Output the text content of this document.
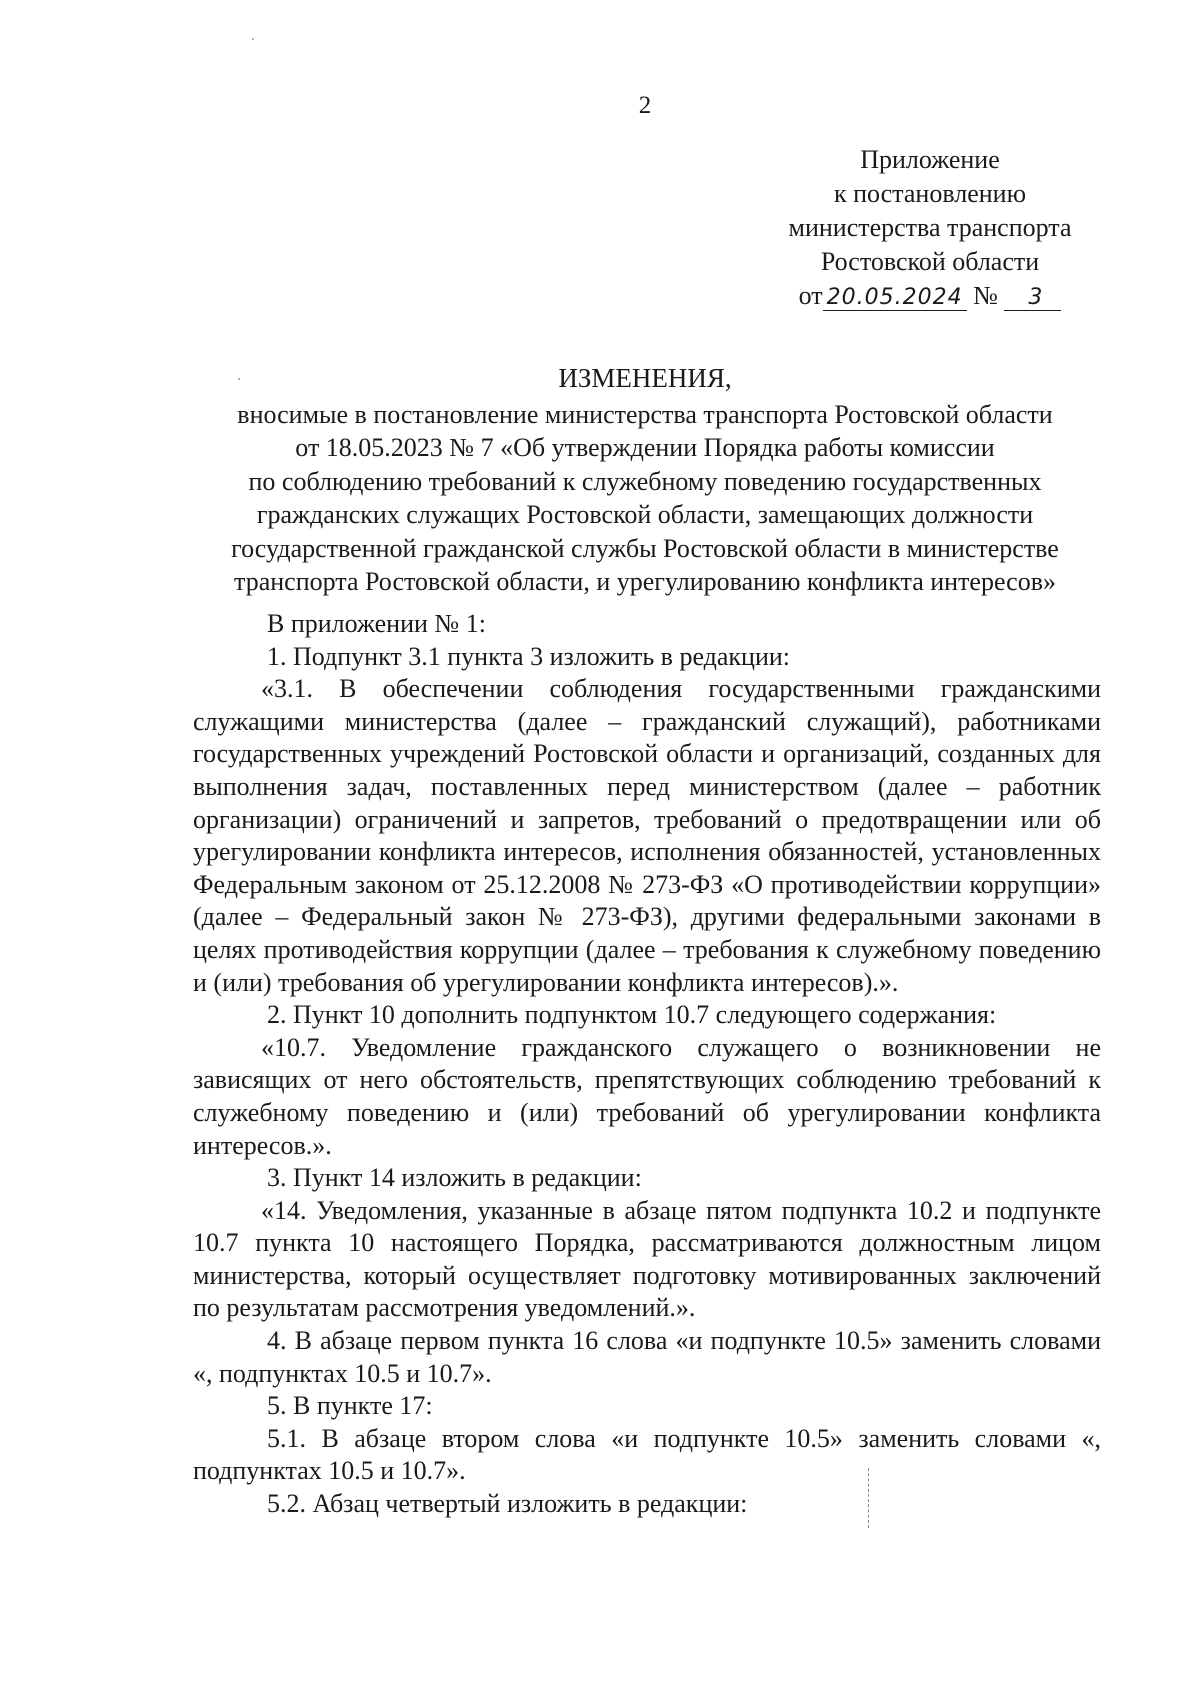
2
Приложение
к постановлению
министерства транспорта
Ростовской области
от 20.05.2024 № 3
ИЗМЕНЕНИЯ,
вносимые в постановление министерства транспорта Ростовской области
от 18.05.2023 № 7 «Об утверждении Порядка работы комиссии
по соблюдению требований к служебному поведению государственных
гражданских служащих Ростовской области, замещающих должности
государственной гражданской службы Ростовской области в министерстве
транспорта Ростовской области, и урегулированию конфликта интересов»

В приложении № 1:

1. Подпункт 3.1 пункта 3 изложить в редакции:

«3.1. В обеспечении соблюдения государственными гражданскими служащими министерства (далее – гражданский служащий), работниками государственных учреждений Ростовской области и организаций, созданных для выполнения задач, поставленных перед министерством (далее – работник организации) ограничений и запретов, требований о предотвращении или об урегулировании конфликта интересов, исполнения обязанностей, установленных Федеральным законом от 25.12.2008 № 273-ФЗ «О противодействии коррупции» (далее – Федеральный закон № 273-ФЗ), другими федеральными законами в целях противодействия коррупции (далее – требования к служебному поведению и (или) требования об урегулировании конфликта интересов).».

2. Пункт 10 дополнить подпунктом 10.7 следующего содержания:

«10.7. Уведомление гражданского служащего о возникновении не зависящих от него обстоятельств, препятствующих соблюдению требований к служебному поведению и (или) требований об урегулировании конфликта интересов.».

3. Пункт 14 изложить в редакции:

«14. Уведомления, указанные в абзаце пятом подпункта 10.2 и подпункте 10.7 пункта 10 настоящего Порядка, рассматриваются должностным лицом министерства, который осуществляет подготовку мотивированных заключений по результатам рассмотрения уведомлений.».

4. В абзаце первом пункта 16 слова «и подпункте 10.5» заменить словами «, подпунктах 10.5 и 10.7».

5. В пункте 17:

5.1. В абзаце втором слова «и подпункте 10.5» заменить словами «, подпунктах 10.5 и 10.7».

5.2. Абзац четвертый изложить в редакции:
